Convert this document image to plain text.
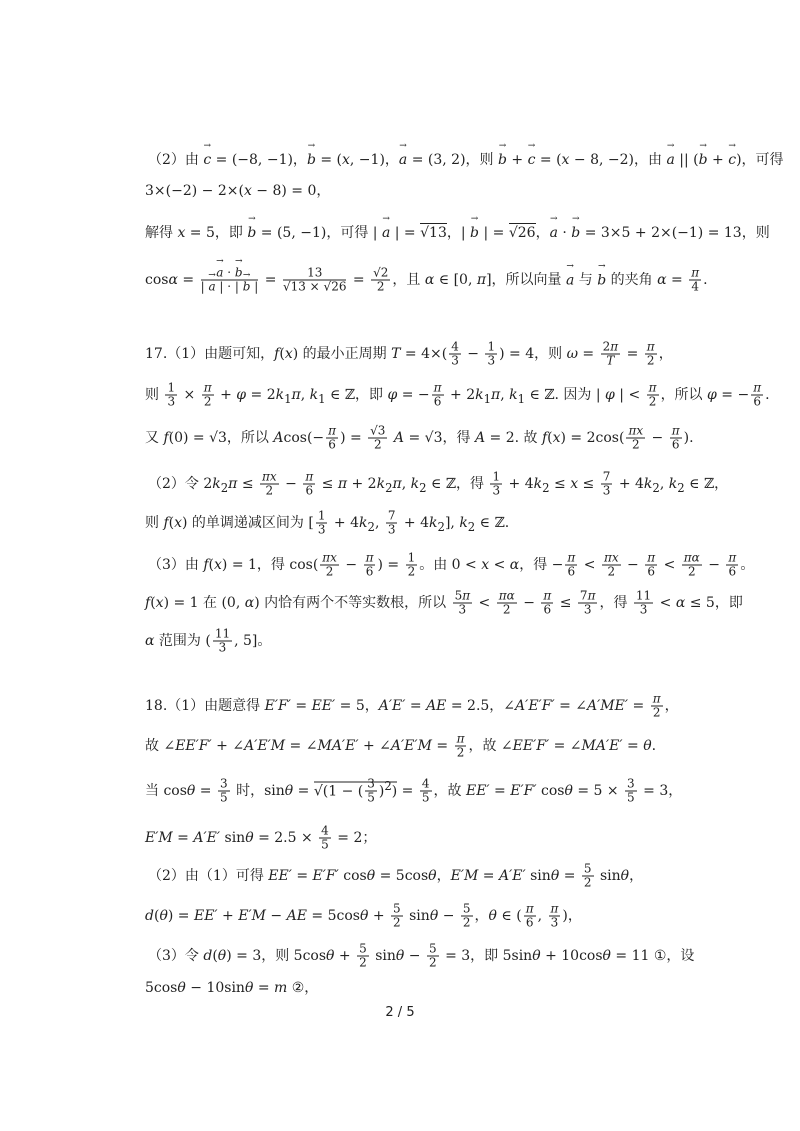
（2）由 → c = (−8, −1)，→ b = (x, −1)，→ a = (3, 2)，则 → b + → c = (x − 8, −2)，由 → a || (→ b + → c)，可得

3×(−2) − 2×(x − 8) = 0，

解得 x = 5，即 → b = (5, −1)，可得 | → a | = √13，| → b | = √26，→ a · → b = 3×5 + 2×(−1) = 13，则

cosα =
→ $\frac{a \cdot \to b}{| \to a | \cdot | \to b |} = \frac{13}{√13 \times √26} = \frac{√2}{2}$ ，且 α ∈ [0, π]，所以向量 → a 与 → b 的夹角 $\alpha = \frac{\pi}{4}$ .

17.（1）由题可知，f(x) 的最小正周期 $T = 4\times( \frac{4}{3} - \frac{1}{3}$ ) = 4，则 $\omega = \frac{2\pi}{T} = \frac{\pi}{2}$ ，

则 $\frac{1}{3} \times \frac{\pi}{2} + \varphi = 2k_1\pi$, $k_1$ ∈ ℤ，即 φ = − $\frac{\pi}{6} + 2k_1\pi$, $k_1$ ∈ ℤ. 因为 | φ | < $\frac{\pi}{2}$ ，所以 φ = − $\frac{\pi}{6}$ .

又 f(0) = √3，所以 $Acos(- \frac{\pi}{6}$ ) = $\frac{√3}{2}$ A = √3，得 A = 2. 故 $f(x) = 2\cos( \frac{\pi x}{2} - \frac{\pi}{6}$ ).

（2）令 $2k_2\pi \le \frac{\pi x}{2} - \frac{\pi}{6} \le \pi + 2k_2\pi$, $k_2$ ∈ ℤ，得 $\frac{1}{3} + 4k_2 \le x \le \frac{7}{3} + 4k_2$, $k_2$ ∈ ℤ，

则 f(x) 的单调递减区间为 [ $\frac{1}{3} + 4k_2$, $\frac{7}{3} + 4k_2$], $k_2$ ∈ ℤ.

（3）由 f(x) = 1，得 $\cos( \frac{\pi x}{2} - \frac{\pi}{6}$ ) = $\frac{1}{2}$ 。由 0 < x < α，得 − $\frac{\pi}{6} < \frac{\pi x}{2} - \frac{\pi}{6} < \frac{\pi\alpha}{2} - \frac{\pi}{6}$ 。

f(x) = 1 在 (0, α) 内恰有两个不等实数根，所以 $\frac{5\pi}{3} < \frac{\pi\alpha}{2} - \frac{\pi}{6} \le \frac{7\pi}{3}$ ，得 $\frac{11}{3} < \alpha \le 5$，即

α 范围为 ( $\frac{11}{3}$ , 5]。

18.（1）由题意得 E′F′ = EE′ = 5，A′E′ = AE = 2.5，∠A′E′F′ = ∠A′ME′ = $\frac{\pi}{2}$ ，

故 ∠EE′F′ + ∠A′E′M = ∠MA′E′ + ∠A′E′M = $\frac{\pi}{2}$ ，故 ∠EE′F′ = ∠MA′E′ = θ.

当 $\cos\theta = \frac{3}{5}$ 时，sinθ = √(1 − ( $\frac{3}{5} )^2) = \frac{4}{5}$ ，故 EE′ = E′F′ $\cos\theta = 5 \times \frac{3}{5} = 3$，

E′M = A′E′ $\sin\theta = 2.5 \times \frac{4}{5} = 2$；

（2）由（1）可得 EE′ = E′F′ cosθ = 5cosθ，E′M = A′E′ $\sin\theta = \frac{5}{2}$ sinθ，

d(θ) = EE′ + E′M − AE = $5\cos\theta + \frac{5}{2}$ $\sin\theta - \frac{5}{2}$ ，θ ∈ ( $\frac{\pi}{6}$ , $\frac{\pi}{3}$ )，

（3）令 d(θ) = 3，则 $5\cos\theta + \frac{5}{2}$ $\sin\theta - \frac{5}{2} = 3$，即 5sinθ + 10cosθ = 11 ①，设

5cosθ − 10sinθ = m ②，

2 / 5
